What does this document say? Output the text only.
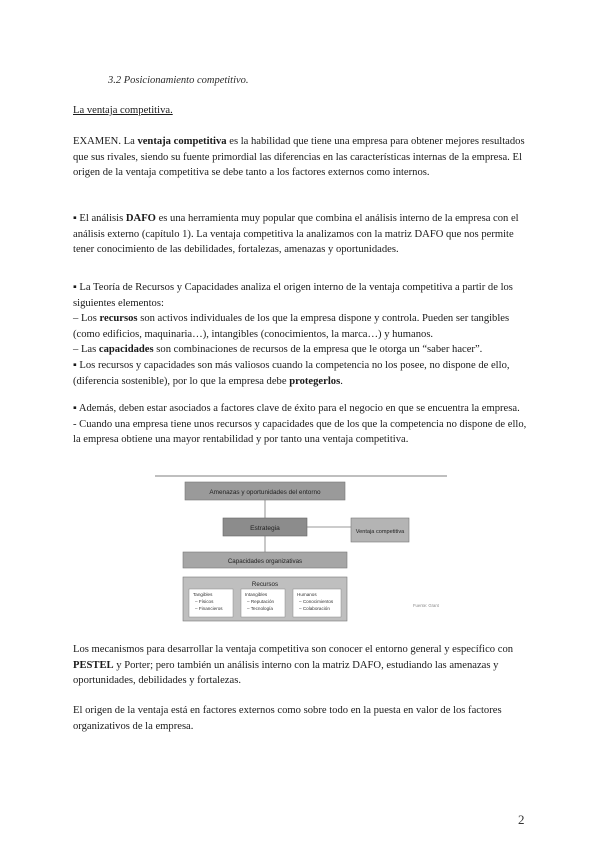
3.2 Posicionamiento competitivo.

La ventaja competitiva.

EXAMEN. La ventaja competitiva es la habilidad que tiene una empresa para obtener mejores resultados que sus rivales, siendo su fuente primordial las diferencias en las características internas de la empresa. El origen de la ventaja competitiva se debe tanto a los factores externos como internos.

▪ El análisis DAFO es una herramienta muy popular que combina el análisis interno de la empresa con el análisis externo (capítulo 1). La ventaja competitiva la analizamos con la matriz DAFO que nos permite tener conocimiento de las debilidades, fortalezas, amenazas y oportunidades.

▪ La Teoría de Recursos y Capacidades analiza el origen interno de la ventaja competitiva a partir de los siguientes elementos:
– Los recursos son activos individuales de los que la empresa dispone y controla. Pueden ser tangibles (como edificios, maquinaria…), intangibles (conocimientos, la marca…) y humanos.
– Las capacidades son combinaciones de recursos de la empresa que le otorga un “saber hacer”.
▪ Los recursos y capacidades son más valiosos cuando la competencia no los posee, no dispone de ello, (diferencia sostenible), por lo que la empresa debe protegerlos.
▪ Además, deben estar asociados a factores clave de éxito para el negocio en que se encuentra la empresa.
- Cuando una empresa tiene unos recursos y capacidades que de los que la competencia no dispone de ello, la empresa obtiene una mayor rentabilidad y por tanto una ventaja competitiva.
Amenazas y oportunidades del entorno
Estrategia	Ventaja competitiva
Capacidades organizativas
Recursos
Tangibles
– Físicos
– Financieros
Intangibles
– Reputación
– Tecnología
Humanos
– Conocimientos
– Colaboración
Fuente: Grant

Los mecanismos para desarrollar la ventaja competitiva son conocer el entorno general y específico con PESTEL y Porter; pero también un análisis interno con la matriz DAFO, estudiando las amenazas y oportunidades, debilidades y fortalezas.

El origen de la ventaja está en factores externos como sobre todo en la puesta en valor de los factores organizativos de la empresa.

2
